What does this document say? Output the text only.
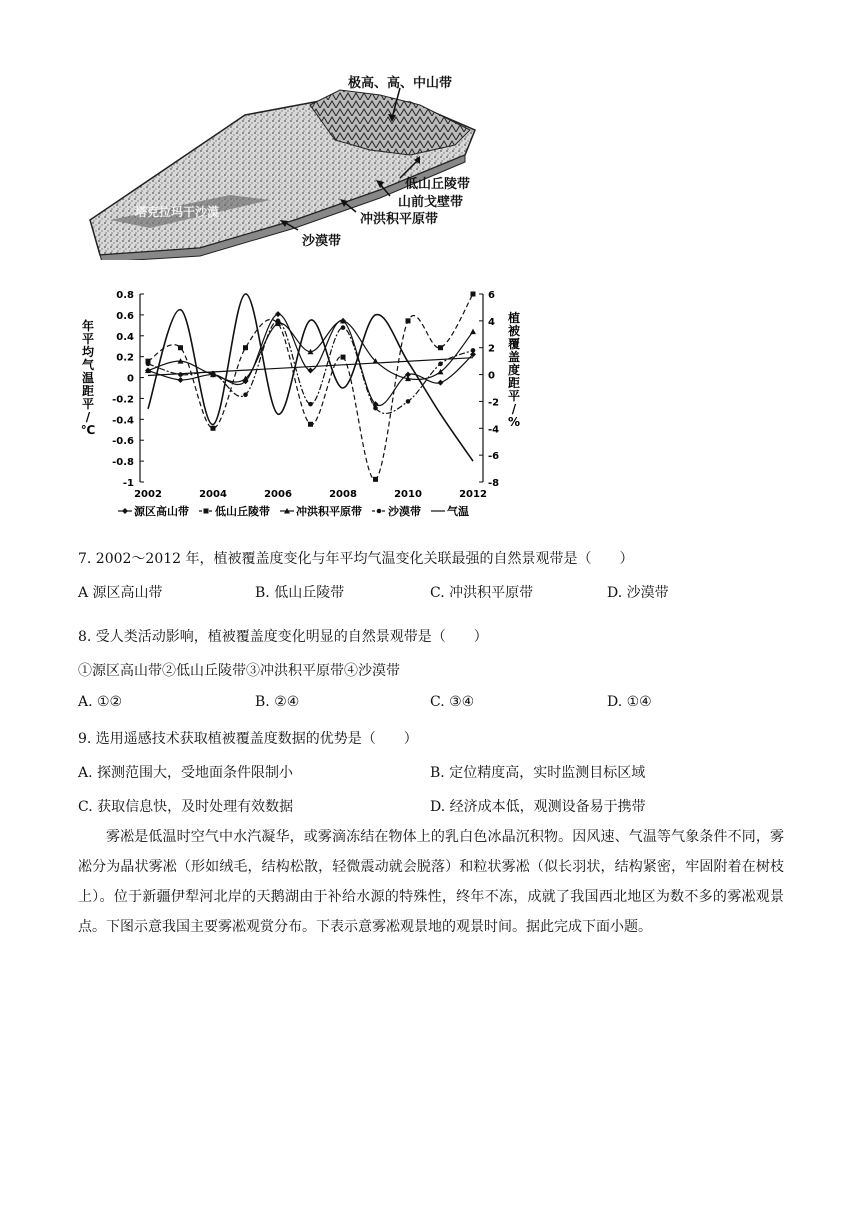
塔克拉玛干沙漠
极高、高、中山带
低山丘陵带
山前戈壁带
冲洪积平原带
沙漠带
0.8
0.6
0.4
0.2
0
-0.2
-0.4
-0.6
-0.8
-1
6
4
2
0
-2
-4
-6
-8
2002	2004	2006	2008	2010	2012
年
平
均
气
温
距
平
/
℃
植
被
覆
盖
度
距
平
/
%
源区高山带 低山丘陵带 冲洪积平原带 沙漠带 气温
7. 2002～2012 年，植被覆盖度变化与年平均气温变化关联最强的自然景观带是（　　）
A 源区高山带	B. 低山丘陵带	C. 冲洪积平原带	D. 沙漠带
8. 受人类活动影响，植被覆盖度变化明显的自然景观带是（　　）
①源区高山带②低山丘陵带③冲洪积平原带④沙漠带
A. ①②	B. ②④	C. ③④	D. ①④
9. 选用遥感技术获取植被覆盖度数据的优势是（　　）
A. 探测范围大，受地面条件限制小	B. 定位精度高，实时监测目标区域
C. 获取信息快，及时处理有效数据	D. 经济成本低，观测设备易于携带

雾凇是低温时空气中水汽凝华，或雾滴冻结在物体上的乳白色冰晶沉积物。因风速、气温等气象条件不同，雾凇分为晶状雾凇（形如绒毛，结构松散，轻微震动就会脱落）和粒状雾凇（似长羽状，结构紧密，牢固附着在树枝上）。位于新疆伊犁河北岸的天鹅湖由于补给水源的特殊性，终年不冻，成就了我国西北地区为数不多的雾凇观景点。下图示意我国主要雾凇观赏分布。下表示意雾凇观景地的观景时间。据此完成下面小题。
